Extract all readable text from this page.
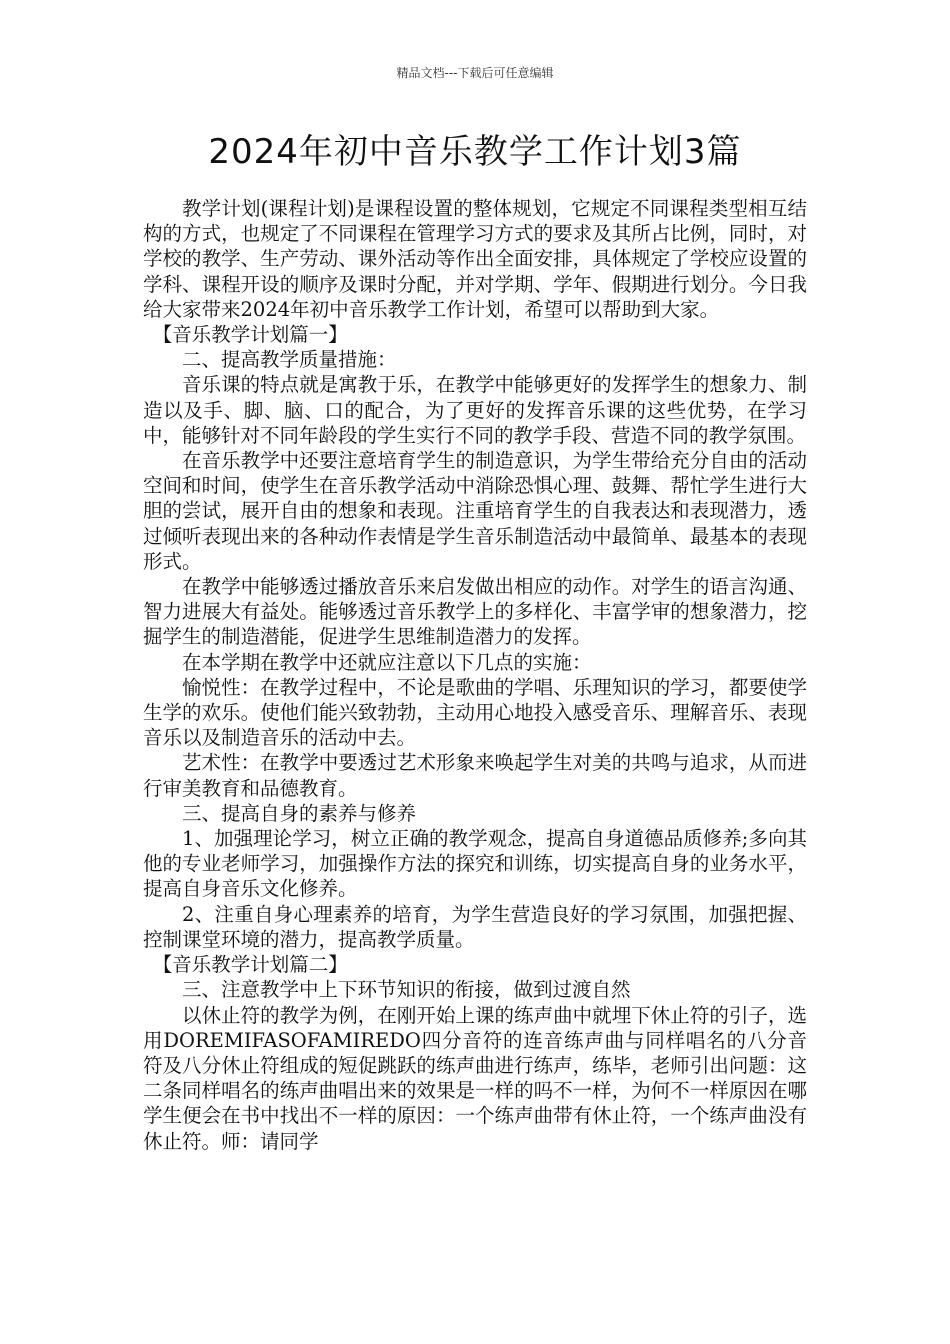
精品文档---下载后可任意编辑
2024年初中音乐教学工作计划3篇

教学计划(课程计划)是课程设置的整体规划，它规定不同课程类型相互结构的方式，也规定了不同课程在管理学习方式的要求及其所占比例，同时，对学校的教学、生产劳动、课外活动等作出全面安排，具体规定了学校应设置的学科、课程开设的顺序及课时分配，并对学期、学年、假期进行划分。今日我给大家带来2024年初中音乐教学工作计划，希望可以帮助到大家。

【音乐教学计划篇一】

二、提高教学质量措施：

音乐课的特点就是寓教于乐，在教学中能够更好的发挥学生的想象力、制造以及手、脚、脑、口的配合，为了更好的发挥音乐课的这些优势，在学习中，能够针对不同年龄段的学生实行不同的教学手段、营造不同的教学氛围。

在音乐教学中还要注意培育学生的制造意识，为学生带给充分自由的活动空间和时间，使学生在音乐教学活动中消除恐惧心理、鼓舞、帮忙学生进行大胆的尝试，展开自由的想象和表现。注重培育学生的自我表达和表现潜力，透过倾听表现出来的各种动作表情是学生音乐制造活动中最简单、最基本的表现形式。

在教学中能够透过播放音乐来启发做出相应的动作。对学生的语言沟通、智力进展大有益处。能够透过音乐教学上的多样化、丰富学审的想象潜力，挖掘学生的制造潜能，促进学生思维制造潜力的发挥。

在本学期在教学中还就应注意以下几点的实施：

愉悦性：在教学过程中，不论是歌曲的学唱、乐理知识的学习，都要使学生学的欢乐。使他们能兴致勃勃，主动用心地投入感受音乐、理解音乐、表现音乐以及制造音乐的活动中去。

艺术性：在教学中要透过艺术形象来唤起学生对美的共鸣与追求，从而进行审美教育和品德教育。

三、提高自身的素养与修养

1、加强理论学习，树立正确的教学观念，提高自身道德品质修养;多向其他的专业老师学习，加强操作方法的探究和训练，切实提高自身的业务水平，提高自身音乐文化修养。

2、注重自身心理素养的培育，为学生营造良好的学习氛围，加强把握、控制课堂环境的潜力，提高教学质量。

【音乐教学计划篇二】

三、注意教学中上下环节知识的衔接，做到过渡自然

以休止符的教学为例，在刚开始上课的练声曲中就埋下休止符的引子，选用DOREMIFASOFAMIREDO四分音符的连音练声曲与同样唱名的八分音符及八分休止符组成的短促跳跃的练声曲进行练声，练毕，老师引出问题：这二条同样唱名的练声曲唱出来的效果是一样的吗不一样，为何不一样原因在哪学生便会在书中找出不一样的原因：一个练声曲带有休止符，一个练声曲没有休止符。师：请同学
